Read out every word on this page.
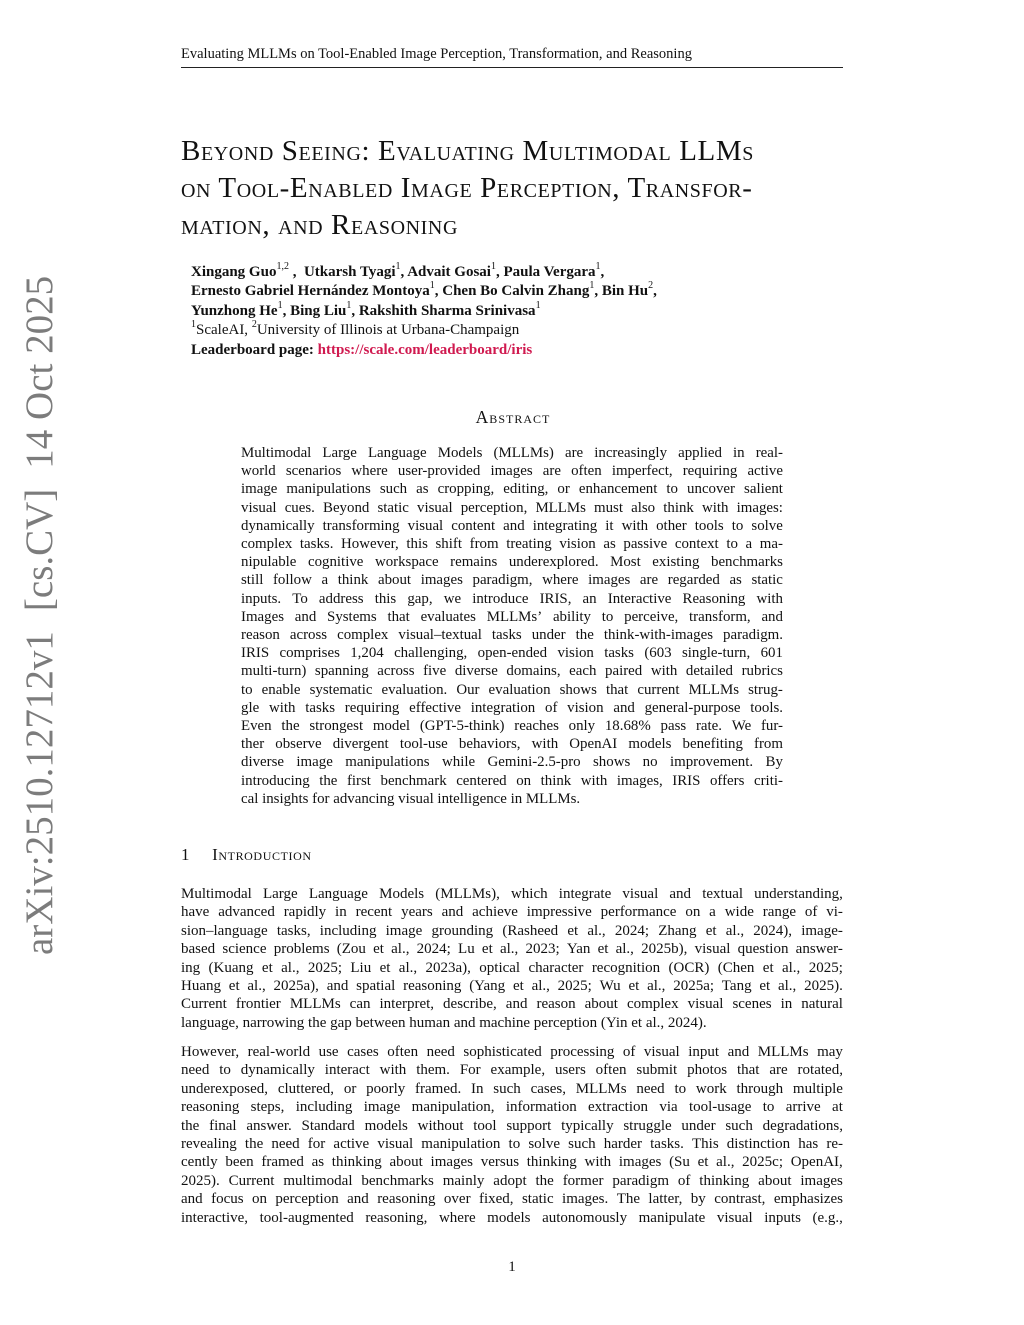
Evaluating MLLMs on Tool-Enabled Image Perception, Transformation, and Reasoning
arXiv:2510.12712v1
[cs.CV]
14 Oct 2025
Beyond Seeing: Evaluating Multimodal LLMs
on Tool-Enabled Image Perception, Transfor-
mation, and Reasoning
Xingang Guo$^{1,2}$ ,  Utkarsh Tyagi$^1$, Advait Gosai$^1$, Paula Vergara$^1$,
Ernesto Gabriel Hernández Montoya$^1$, Chen Bo Calvin Zhang$^1$, Bin Hu$^2$,
Yunzhong He$^1$, Bing Liu$^1$, Rakshith Sharma Srinivasa$^1$
$^1$ScaleAI, $^2$University of Illinois at Urbana-Champaign
Leaderboard page: https://scale.com/leaderboard/iris
Abstract
Multimodal Large Language Models (MLLMs) are increasingly applied in real-
world scenarios where user-provided images are often imperfect, requiring active
image manipulations such as cropping, editing, or enhancement to uncover salient
visual cues. Beyond static visual perception, MLLMs must also think with images:
dynamically transforming visual content and integrating it with other tools to solve
complex tasks. However, this shift from treating vision as passive context to a ma-
nipulable cognitive workspace remains underexplored. Most existing benchmarks
still follow a think about images paradigm, where images are regarded as static
inputs. To address this gap, we introduce IRIS, an Interactive Reasoning with
Images and Systems that evaluates MLLMs’ ability to perceive, transform, and
reason across complex visual–textual tasks under the think-with-images paradigm.
IRIS comprises 1,204 challenging, open-ended vision tasks (603 single-turn, 601
multi-turn) spanning across five diverse domains, each paired with detailed rubrics
to enable systematic evaluation. Our evaluation shows that current MLLMs strug-
gle with tasks requiring effective integration of vision and general-purpose tools.
Even the strongest model (GPT-5-think) reaches only 18.68% pass rate. We fur-
ther observe divergent tool-use behaviors, with OpenAI models benefiting from
diverse image manipulations while Gemini-2.5-pro shows no improvement. By
introducing the first benchmark centered on think with images, IRIS offers criti-
cal insights for advancing visual intelligence in MLLMs.
1 Introduction
Multimodal Large Language Models (MLLMs), which integrate visual and textual understanding,
have advanced rapidly in recent years and achieve impressive performance on a wide range of vi-
sion–language tasks, including image grounding (Rasheed et al., 2024; Zhang et al., 2024), image-
based science problems (Zou et al., 2024; Lu et al., 2023; Yan et al., 2025b), visual question answer-
ing (Kuang et al., 2025; Liu et al., 2023a), optical character recognition (OCR) (Chen et al., 2025;
Huang et al., 2025a), and spatial reasoning (Yang et al., 2025; Wu et al., 2025a; Tang et al., 2025).
Current frontier MLLMs can interpret, describe, and reason about complex visual scenes in natural
language, narrowing the gap between human and machine perception (Yin et al., 2024).
However, real-world use cases often need sophisticated processing of visual input and MLLMs may
need to dynamically interact with them. For example, users often submit photos that are rotated,
underexposed, cluttered, or poorly framed. In such cases, MLLMs need to work through multiple
reasoning steps, including image manipulation, information extraction via tool-usage to arrive at
the final answer. Standard models without tool support typically struggle under such degradations,
revealing the need for active visual manipulation to solve such harder tasks. This distinction has re-
cently been framed as thinking about images versus thinking with images (Su et al., 2025c; OpenAI,
2025). Current multimodal benchmarks mainly adopt the former paradigm of thinking about images
and focus on perception and reasoning over fixed, static images. The latter, by contrast, emphasizes
interactive, tool-augmented reasoning, where models autonomously manipulate visual inputs (e.g.,
1
